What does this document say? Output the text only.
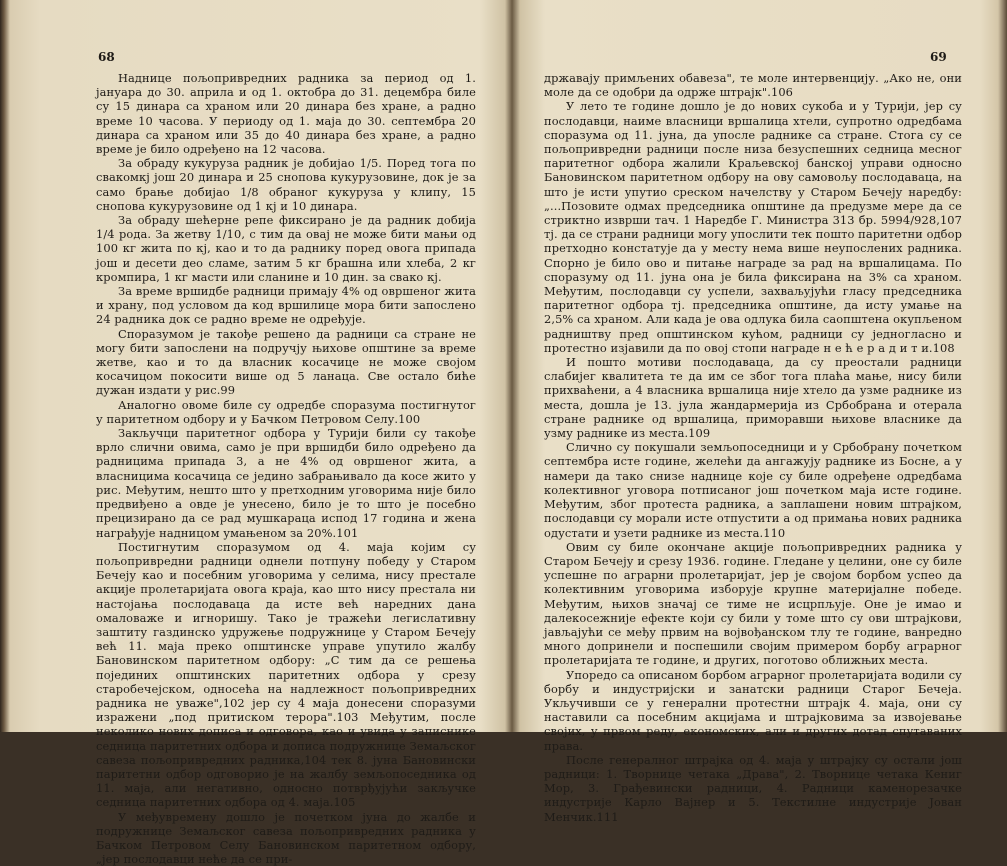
68

Наднице пољопривредних радника за период од 1. јануара до 30. априла и од 1. октобра до 31. децембра биле су 15 динара са храном или 20 динара без хране, а радно време 10 часова. У периоду од 1. маја до 30. септембра 20 динара са храном или 35 до 40 динара без хране, а радно време је било одређено на 12 часова.

За обраду кукуруза радник је добијао 1/5. Поред тога по свакомкј још 20 динара и 25 снопова кукурузовине, док је за само брање добијао 1/8 обраног кукуруза у клипу, 15 снопова кукурузовине од 1 кј и 10 динара.

За обраду шећерне репе фиксирано је да радник добија 1/4 рода. За жетву 1/10, с тим да овај не може бити мањи од 100 кг жита по кј, као и то да раднику поред овога припада још и десети део сламе, затим 5 кг брашна или хлеба, 2 кг кромпира, 1 кг масти или сланине и 10 дин. за свако кј.

За време вршидбе радници примају 4% од овршеног жита и храну, под условом да код вршилице мора бити запослено 24 радника док се радно време не одређује.

Споразумом је такође решено да радници са стране не могу бити запослени на подручју њихове општине за време жетве, као и то да власник косачице не може својом косачицом покосити више од 5 ланаца. Све остало биће дужан издати у рис.99

Аналогно овоме биле су одредбе споразума постигнутог у паритетном одбору и у Бачком Петровом Селу.100

Закључци паритетног одбора у Турији били су такође врло слични овима, само је при вршидби било одређено да радницима припада 3, а не 4% од овршеног жита, а власницима косачица се једино забрањивало да косе жито у рис. Међутим, нешто што у претходним уговорима није било предвиђено а овде је унесено, било је то што је посебно прецизирано да се рад мушкараца испод 17 година и жена награђује надницом умањеном за 20%.101

Постигнутим споразумом од 4. маја којим су пољопривредни радници однели потпуну победу у Старом Бечеју као и посебним уговорима у селима, нису престале акције пролетаријата овога краја, као што нису престала ни настојања послодаваца да исте већ наредних дана омаловаже и игноришу. Тако је тражећи легислативну заштиту газдинско удружење подружнице у Старом Бечеју већ 11. маја преко општинске управе упутило жалбу Бановинском паритетном одбору: „С тим да се решења појединих општинских паритетних одбора у срезу старобечејском, односећа на надлежност пољопривредних радника не уважe",102 јер су 4 маја донесени споразуми изражени „под притиском терора".103 Међутим, после неколико нових дописа и одговора, као и увида у записнике седница паритетних одбора и дописа подружнице Земаљског савеза пољопривредних радника,104 тек 8. јуна Бановински паритетни одбор одговорио је на жалбу земљопоседника од 11. маја, али негативно, односно потврђујући закључке седница паритетних одбора од 4. маја.105

У међувремену дошло је почетком јуна до жалбе и подружнице Земаљског савеза пољопривредних радника у Бачком Петровом Селу Бановинском паритетном одбору, „јер послодавци неће да се при-

69

државају примљених обавеза", те моле интервенцију. „Ако не, они моле да се одобри да одрже штрајк".106

У лето те године дошло је до нових сукоба и у Турији, јер су послодавци, наиме власници вршалица хтели, супротно одредбама споразума од 11. јуна, да упосле раднике са стране. Стога су се пољопривредни радници после низа безуспешних седница месног паритетног одбора жалили Краљевској банској управи односно Бановинском паритетном одбору на ову самовољу послодаваца, на што је исти упутио среском начелству у Старом Бечеју наредбу: „...Позовите одмах председника општине да предузме мере да се стриктно изврши тач. 1 Наредбе Г. Министра 313 бр. 5994/928,107 тј. да се страни радници могу упослити тек пошто паритетни одбор претходно констатује да у месту нема више неупослених радника. Спорно је било ово и питање награде за рад на вршалицама. По споразуму од 11. јуна она је била фиксирана на 3% са храном. Међутим, послодавци су успели, захваљујући гласу председника паритетног одбора тј. председника општине, да исту умањe на 2,5% са храном. Али када је ова одлука била саопштена окупљеном радништву пред општинском кућом, радници су једногласно и протестно изјавили да по овој стопи награде н е ћ е р а д и т и.108

И пошто мотиви послодаваца, да су преостали радници слабијег квалитета те да им се због тога плаћа мање, нису били прихваћени, а 4 власника вршалица није хтело да узме раднике из места, дошла је 13. јула жандармерија из Србобрана и отерала стране раднике од вршалица, приморавши њихове власнике да узму раднике из места.109

Слично су покушали земљопоседници и у Србобрану почетком септембра исте године, желећи да ангажују раднике из Босне, а у намери да тако снизе наднице које су биле одређене одредбама колективног уговора потписаног још почетком маја исте године. Међутим, због протеста радника, а заплашени новим штрајком, послодавци су морали исте отпустити а од примања нових радника одустати и узети раднике из места.110

Овим су биле окончане акције пољопривредних радника у Старом Бечеју и срезу 1936. године. Гледане у целини, оне су биле успешне по аграрни пролетаријат, јер је својом борбом успео да колективним уговорима изборује крупне материјалне победе. Међутим, њихов значај се тиме не исцрпљује. Оне је имао и далекосежније ефекте који су били у томе што су ови штрајкови, јављајући се међу првим на војвођанском тлу те године, ванредно много допринели и поспешили својим примером борбу аграрног пролетаријата те године, и других, поготово оближњих места.

Упоредо са описаном борбом аграрног пролетаријата водили су борбу и индустријски и занатски радници Старог Бечеја. Укључивши се у генерални протестни штрајк 4. маја, они су наставили са посебним акцијама и штрајковима за извојевање својих, у првом реду, економских, али и других дотад спутаваних права.

После генералног штрајка од 4. маја у штрајку су остали још радници: 1. Творнице четака „Драва", 2. Творнице четака Кениг Мор, 3. Грађевински радници, 4. Радници каменорезачке индустрије Карло Вајнер и 5. Текстилне индустрије Јован Менчик.111
